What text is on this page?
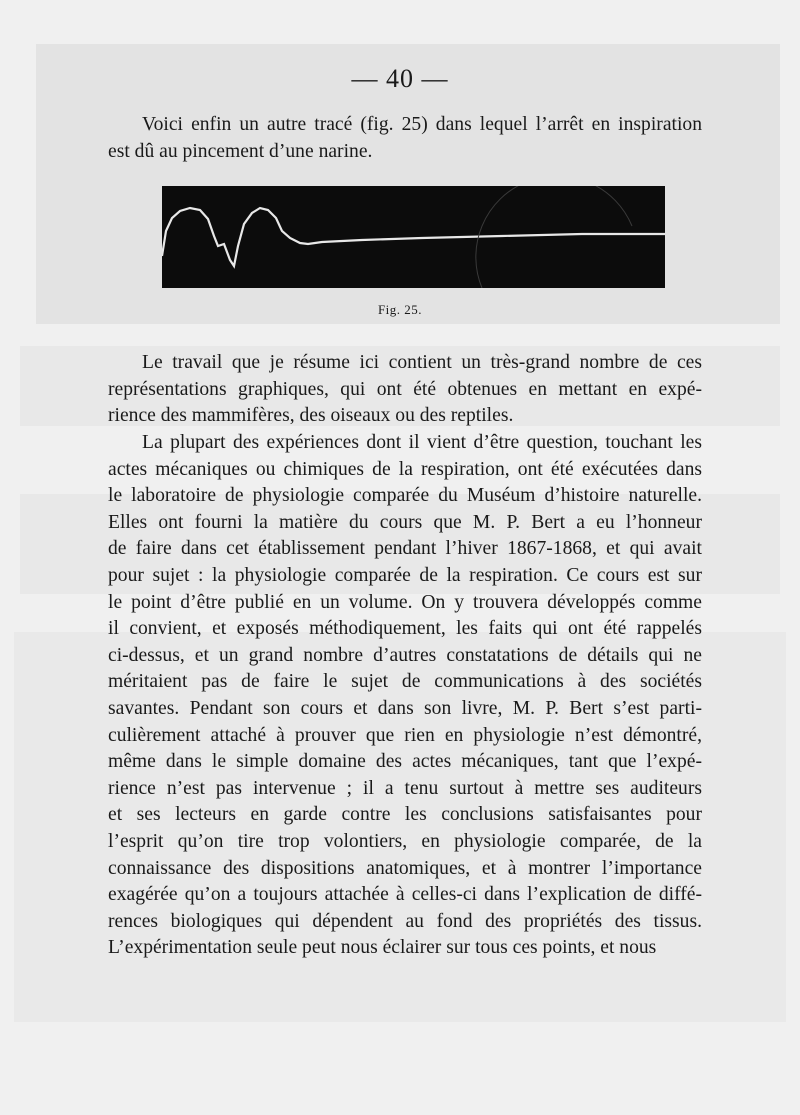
— 40 —
Voici enfin un autre tracé (fig. 25) dans lequel l’arrêt en inspiration
est dû au pincement d’une narine.
Fig. 25.
Le travail que je résume ici contient un très-grand nombre de ces
représentations graphiques, qui ont été obtenues en mettant en expé-
rience des mammifères, des oiseaux ou des reptiles.
La plupart des expériences dont il vient d’être question, touchant les
actes mécaniques ou chimiques de la respiration, ont été exécutées dans
le laboratoire de physiologie comparée du Muséum d’histoire naturelle.
Elles ont fourni la matière du cours que M. P. Bert a eu l’honneur
de faire dans cet établissement pendant l’hiver 1867-1868, et qui avait
pour sujet : la physiologie comparée de la respiration. Ce cours est sur
le point d’être publié en un volume. On y trouvera développés comme
il convient, et exposés méthodiquement, les faits qui ont été rappelés
ci-dessus, et un grand nombre d’autres constatations de détails qui ne
méritaient pas de faire le sujet de communications à des sociétés
savantes. Pendant son cours et dans son livre, M. P. Bert s’est parti-
culièrement attaché à prouver que rien en physiologie n’est démontré,
même dans le simple domaine des actes mécaniques, tant que l’expé-
rience n’est pas intervenue ; il a tenu surtout à mettre ses auditeurs
et ses lecteurs en garde contre les conclusions satisfaisantes pour
l’esprit qu’on tire trop volontiers, en physiologie comparée, de la
connaissance des dispositions anatomiques, et à montrer l’importance
exagérée qu’on a toujours attachée à celles-ci dans l’explication de diffé-
rences biologiques qui dépendent au fond des propriétés des tissus.
L’expérimentation seule peut nous éclairer sur tous ces points, et nous
